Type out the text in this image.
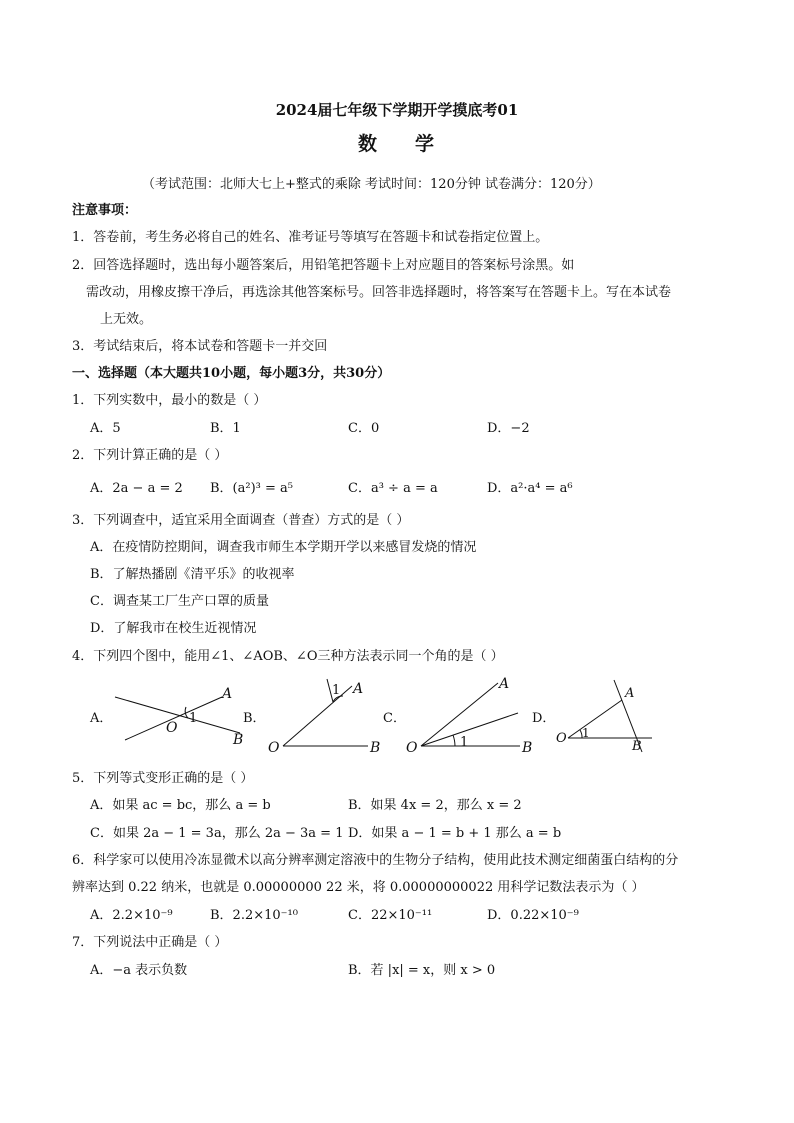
2024届七年级下学期开学摸底考01
数 学
（考试范围：北师大七上+整式的乘除 考试时间：120分钟 试卷满分：120分）
注意事项：
1．答卷前，考生务必将自己的姓名、准考证号等填写在答题卡和试卷指定位置上。
2．回答选择题时，选出每小题答案后，用铅笔把答题卡上对应题目的答案标号涂黑。如
需改动，用橡皮擦干净后，再选涂其他答案标号。回答非选择题时，将答案写在答题卡上。写在本试卷
上无效。
3．考试结束后，将本试卷和答题卡一并交回
一、选择题（本大题共10小题，每小题3分，共30分）
1．下列实数中，最小的数是（ ）
A．5	B．1	C．0	D．−2
2．下列计算正确的是（ ）
A．2a − a = 2 B．(a²)³ = a⁵	C．a³ ÷ a = a	D．a²·a⁴ = a⁶
3．下列调查中，适宜采用全面调查（普查）方式的是（ ）
A．在疫情防控期间，调查我市师生本学期开学以来感冒发烧的情况
B．了解热播剧《清平乐》的收视率
C．调查某工厂生产口罩的质量
D．了解我市在校生近视情况
4．下列四个图中，能用∠1、∠AOB、∠O三种方法表示同一个角的是（ ）
A．	B．	C．	D．
A
O
1
B
1 A
O	B
A
O	1	B
A
O 1
B
5．下列等式变形正确的是（ ）
A．如果 ac = bc，那么 a = b	B．如果 4x = 2，那么 x = 2
C．如果 2a − 1 = 3a，那么 2a − 3a = 1 D．如果 a − 1 = b + 1 那么 a = b
6．科学家可以使用冷冻显微术以高分辨率测定溶液中的生物分子结构，使用此技术测定细菌蛋白结构的分
辨率达到 0.22 纳米，也就是 0.00000000 22 米，将 0.00000000022 用科学记数法表示为（ ）
A．2.2×10⁻⁹	B．2.2×10⁻¹⁰	C．22×10⁻¹¹	D．0.22×10⁻⁹
7．下列说法中正确是（ ）
A．−a 表示负数	B．若 |x| = x，则 x > 0
